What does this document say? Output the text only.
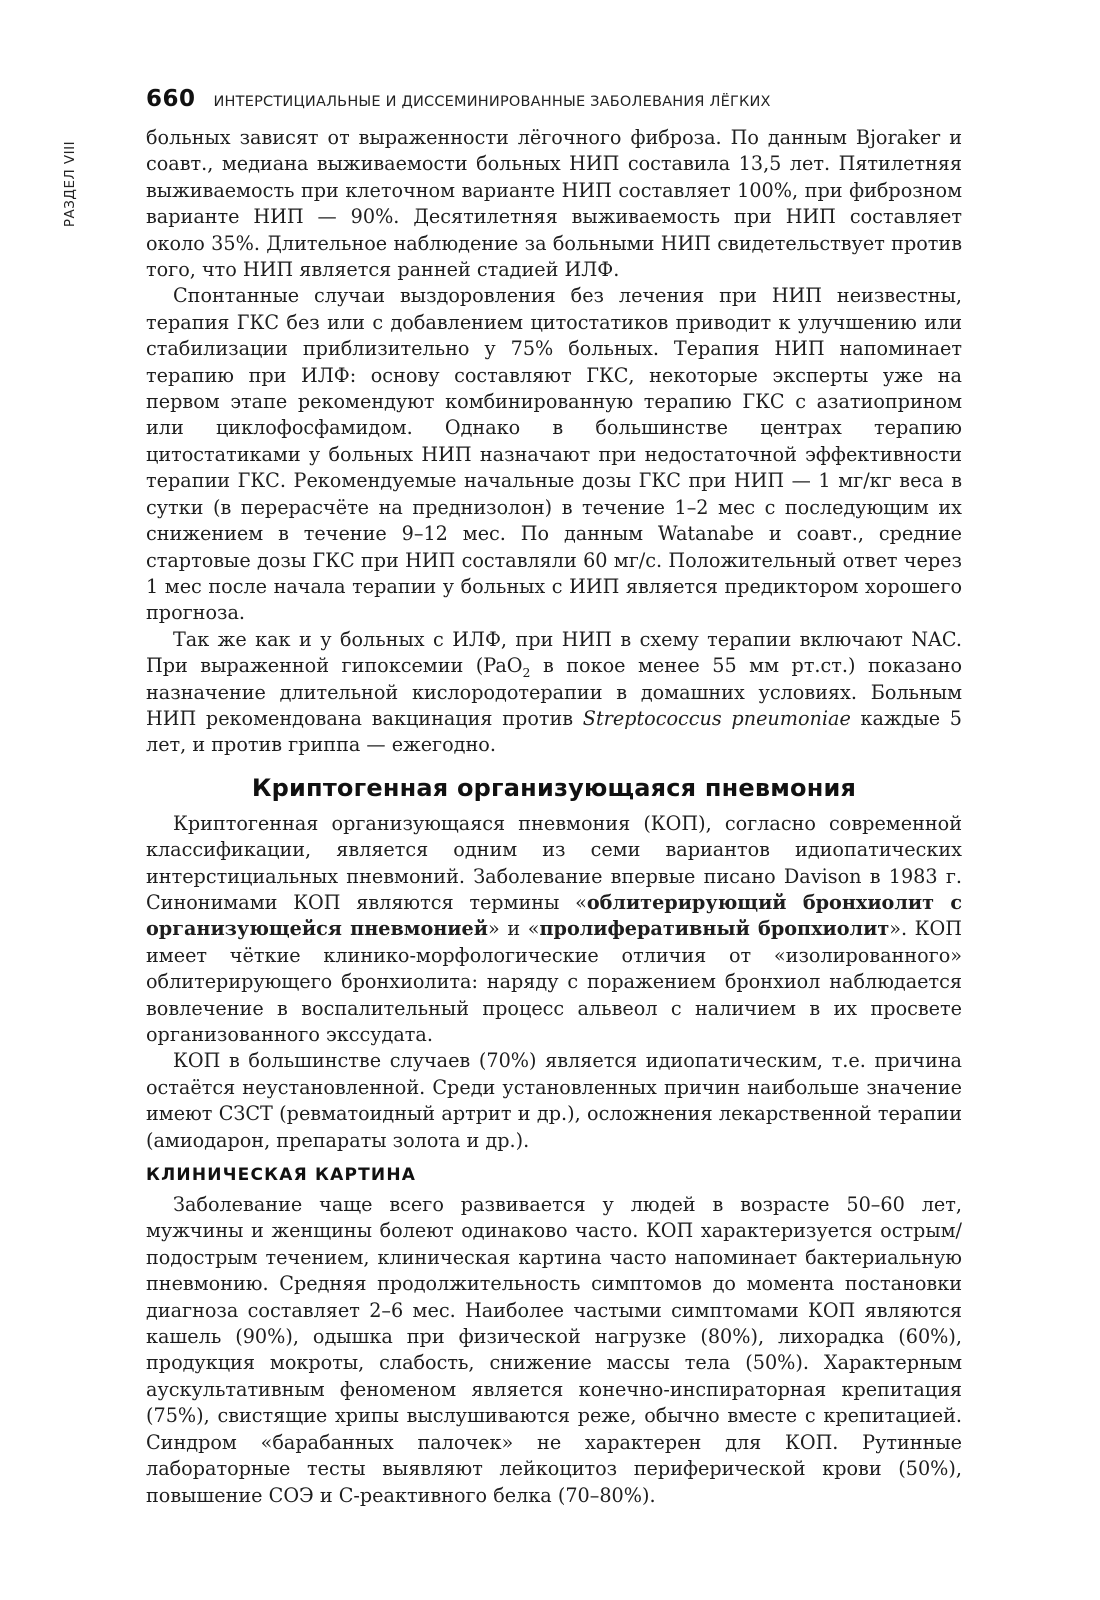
РАЗДЕЛ VIII
660 ИНТЕРСТИЦИАЛЬНЫЕ И ДИССЕМИНИРОВАННЫЕ ЗАБОЛЕВАНИЯ ЛЁГКИХ

больных зависят от выраженности лёгочного фиброза. По данным Bjoraker и соавт., медиана выживаемости больных НИП составила 13,5 лет. Пятилетняя выживаемость при клеточном варианте НИП составляет 100%, при фиброзном варианте НИП — 90%. Десятилетняя выживаемость при НИП составляет около 35%. Длительное наблюдение за больными НИП свидетельствует против того, что НИП является ранней стадией ИЛФ.

Спонтанные случаи выздоровления без лечения при НИП неизвестны, терапия ГКС без или с добавлением цитостатиков приводит к улучшению или стабилизации приблизительно у 75% больных. Терапия НИП напоминает терапию при ИЛФ: основу составляют ГКС, некоторые эксперты уже на первом этапе рекомендуют комбинированную терапию ГКС с азатиоприном или циклофосфамидом. Однако в большинстве центрах терапию цитостатиками у больных НИП назначают при недостаточной эффективности терапии ГКС. Рекомендуемые начальные дозы ГКС при НИП — 1 мг/кг веса в сутки (в перерасчёте на преднизолон) в течение 1–2 мес с последующим их снижением в течение 9–12 мес. По данным Watanabe и соавт., средние стартовые дозы ГКС при НИП составляли 60 мг/с. Положительный ответ через 1 мес после начала терапии у больных с ИИП является предиктором хорошего прогноза.

Так же как и у больных с ИЛФ, при НИП в схему терапии включают NAC. При выраженной гипоксемии (PaO$_2$ в покое менее 55 мм рт.ст.) показано назначение длительной кислородотерапии в домашних условиях. Больным НИП рекомендована вакцинация против Streptococcus pneumoniae каждые 5 лет, и против гриппа — ежегодно.

Криптогенная организующаяся пневмония

Криптогенная организующаяся пневмония (КОП), согласно современной классификации, является одним из семи вариантов идиопатических интерстициальных пневмоний. Заболевание впервые писано Davison в 1983 г. Синонимами КОП являются термины «облитерирующий бронхиолит с организующейся пневмонией» и «пролиферативный бропхиолит». КОП имеет чёткие клинико-морфологические отличия от «изолированного» облитерирующего бронхиолита: наряду с поражением бронхиол наблюдается вовлечение в воспалительный процесс альвеол с наличием в их просвете организованного экссудата.

КОП в большинстве случаев (70%) является идиопатическим, т.е. причина остаётся неустановленной. Среди установленных причин наибольше значение имеют СЗСТ (ревматоидный артрит и др.), осложнения лекарственной терапии (амиодарон, препараты золота и др.).

КЛИНИЧЕСКАЯ КАРТИНА

Заболевание чаще всего развивается у людей в возрасте 50–60 лет, мужчины и женщины болеют одинаково часто. КОП характеризуется острым/подострым течением, клиническая картина часто напоминает бактериальную пневмонию. Средняя продолжительность симптомов до момента постановки диагноза составляет 2–6 мес. Наиболее частыми симптомами КОП являются кашель (90%), одышка при физической нагрузке (80%), лихорадка (60%), продукция мокроты, слабость, снижение массы тела (50%). Характерным аускультативным феноменом является конечно-инспираторная крепитация (75%), свистящие хрипы выслушиваются реже, обычно вместе с крепитацией. Синдром «барабанных палочек» не характерен для КОП. Рутинные лабораторные тесты выявляют лейкоцитоз периферической крови (50%), повышение СОЭ и С-реактивного белка (70–80%).
